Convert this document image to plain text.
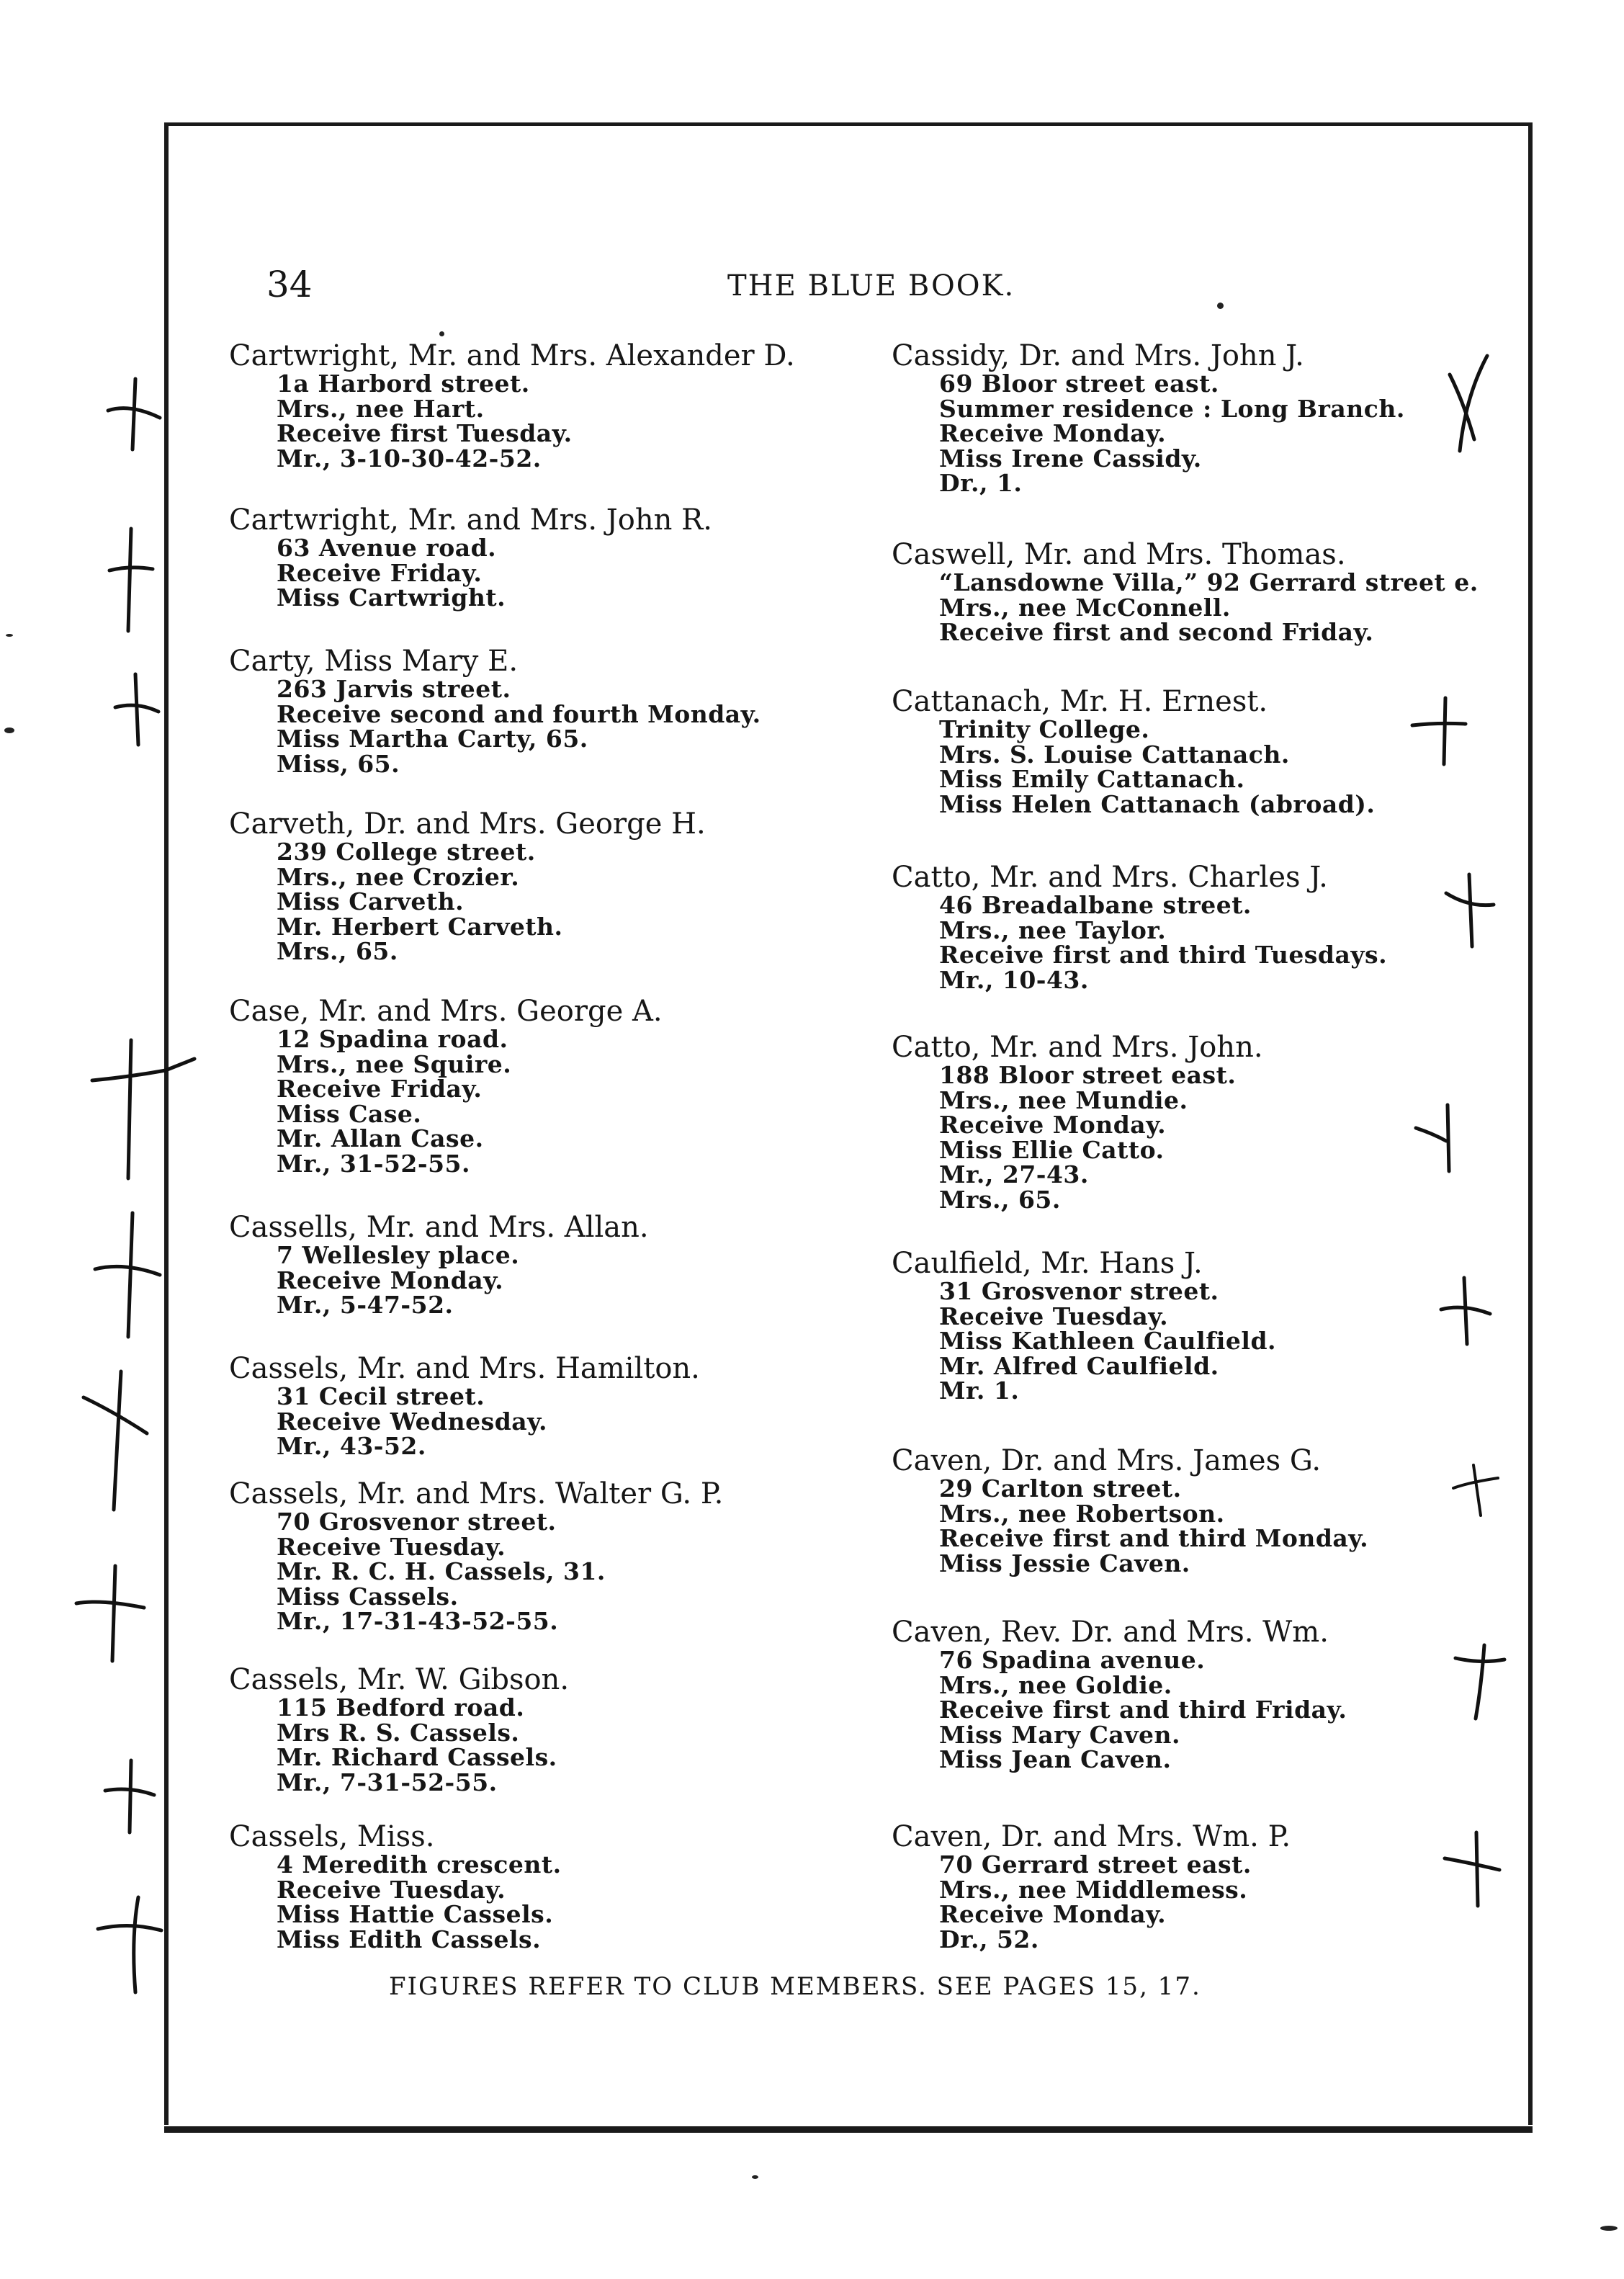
34	THE BLUE BOOK.
Cartwright, Mr. and Mrs. Alexander D.
1a Harbord street.
Mrs., nee Hart.
Receive first Tuesday.
Mr., 3-10-30-42-52.
Cartwright, Mr. and Mrs. John R.
63 Avenue road.
Receive Friday.
Miss Cartwright.
Carty, Miss Mary E.
263 Jarvis street.
Receive second and fourth Monday.
Miss Martha Carty, 65.
Miss, 65.
Carveth, Dr. and Mrs. George H.
239 College street.
Mrs., nee Crozier.
Miss Carveth.
Mr. Herbert Carveth.
Mrs., 65.
Case, Mr. and Mrs. George A.
12 Spadina road.
Mrs., nee Squire.
Receive Friday.
Miss Case.
Mr. Allan Case.
Mr., 31-52-55.
Cassells, Mr. and Mrs. Allan.
7 Wellesley place.
Receive Monday.
Mr., 5-47-52.
Cassels, Mr. and Mrs. Hamilton.
31 Cecil street.
Receive Wednesday.
Mr., 43-52.
Cassels, Mr. and Mrs. Walter G. P.
70 Grosvenor street.
Receive Tuesday.
Mr. R. C. H. Cassels, 31.
Miss Cassels.
Mr., 17-31-43-52-55.
Cassels, Mr. W. Gibson.
115 Bedford road.
Mrs R. S. Cassels.
Mr. Richard Cassels.
Mr., 7-31-52-55.
Cassels, Miss.
4 Meredith crescent.
Receive Tuesday.
Miss Hattie Cassels.
Miss Edith Cassels.
Cassidy, Dr. and Mrs. John J.
69 Bloor street east.
Summer residence : Long Branch.
Receive Monday.
Miss Irene Cassidy.
Dr., 1.
Caswell, Mr. and Mrs. Thomas.
“Lansdowne Villa,” 92 Gerrard street e.
Mrs., nee McConnell.
Receive first and second Friday.
Cattanach, Mr. H. Ernest.
Trinity College.
Mrs. S. Louise Cattanach.
Miss Emily Cattanach.
Miss Helen Cattanach (abroad).
Catto, Mr. and Mrs. Charles J.
46 Breadalbane street.
Mrs., nee Taylor.
Receive first and third Tuesdays.
Mr., 10-43.
Catto, Mr. and Mrs. John.
188 Bloor street east.
Mrs., nee Mundie.
Receive Monday.
Miss Ellie Catto.
Mr., 27-43.
Mrs., 65.
Caulfield, Mr. Hans J.
31 Grosvenor street.
Receive Tuesday.
Miss Kathleen Caulfield.
Mr. Alfred Caulfield.
Mr. 1.
Caven, Dr. and Mrs. James G.
29 Carlton street.
Mrs., nee Robertson.
Receive first and third Monday.
Miss Jessie Caven.
Caven, Rev. Dr. and Mrs. Wm.
76 Spadina avenue.
Mrs., nee Goldie.
Receive first and third Friday.
Miss Mary Caven.
Miss Jean Caven.
Caven, Dr. and Mrs. Wm. P.
70 Gerrard street east.
Mrs., nee Middlemess.
Receive Monday.
Dr., 52.
FIGURES REFER TO CLUB MEMBERS. SEE PAGES 15, 17.
